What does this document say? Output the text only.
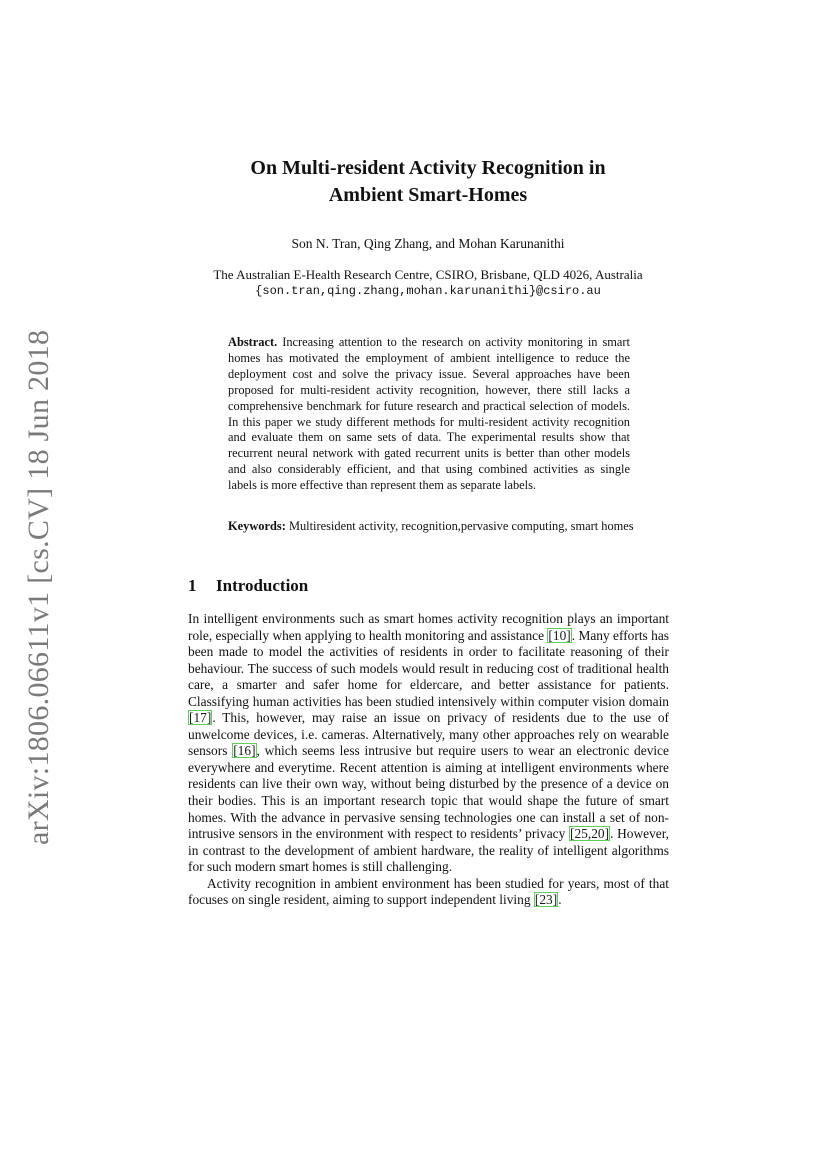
arXiv:1806.06611v1 [cs.CV] 18 Jun 2018
On Multi-resident Activity Recognition in
Ambient Smart-Homes
Son N. Tran, Qing Zhang, and Mohan Karunanithi
The Australian E-Health Research Centre, CSIRO, Brisbane, QLD 4026, Australia
{son.tran,qing.zhang,mohan.karunanithi}@csiro.au
Abstract. Increasing attention to the research on activity monitoring in smart homes has motivated the employment of ambient intelligence to reduce the deployment cost and solve the privacy issue. Several approaches have been proposed for multi-resident activity recognition, however, there still lacks a comprehensive benchmark for future research and practical selection of models. In this paper we study different methods for multi-resident activity recognition and evaluate them on same sets of data. The experimental results show that recurrent neural network with gated recurrent units is better than other models and also considerably efficient, and that using combined activities as single labels is more effective than represent them as separate labels.
Keywords: Multiresident activity, recognition,pervasive computing, smart homes
1 Introduction

In intelligent environments such as smart homes activity recognition plays an important role, especially when applying to health monitoring and assistance [10]. Many efforts has been made to model the activities of residents in order to facilitate reasoning of their behaviour. The success of such models would result in reducing cost of traditional health care, a smarter and safer home for eldercare, and better assistance for patients. Classifying human activities has been studied intensively within computer vision domain [17]. This, however, may raise an issue on privacy of residents due to the use of unwelcome devices, i.e. cameras. Alternatively, many other approaches rely on wearable sensors [16], which seems less intrusive but require users to wear an electronic device everywhere and everytime. Recent attention is aiming at intelligent environments where residents can live their own way, without being disturbed by the presence of a device on their bodies. This is an important research topic that would shape the future of smart homes. With the advance in pervasive sensing technologies one can install a set of non-intrusive sensors in the environment with respect to residents’ privacy [25,20]. However, in contrast to the development of ambient hardware, the reality of intelligent algorithms for such modern smart homes is still challenging.

Activity recognition in ambient environment has been studied for years, most of that focuses on single resident, aiming to support independent living [23].
